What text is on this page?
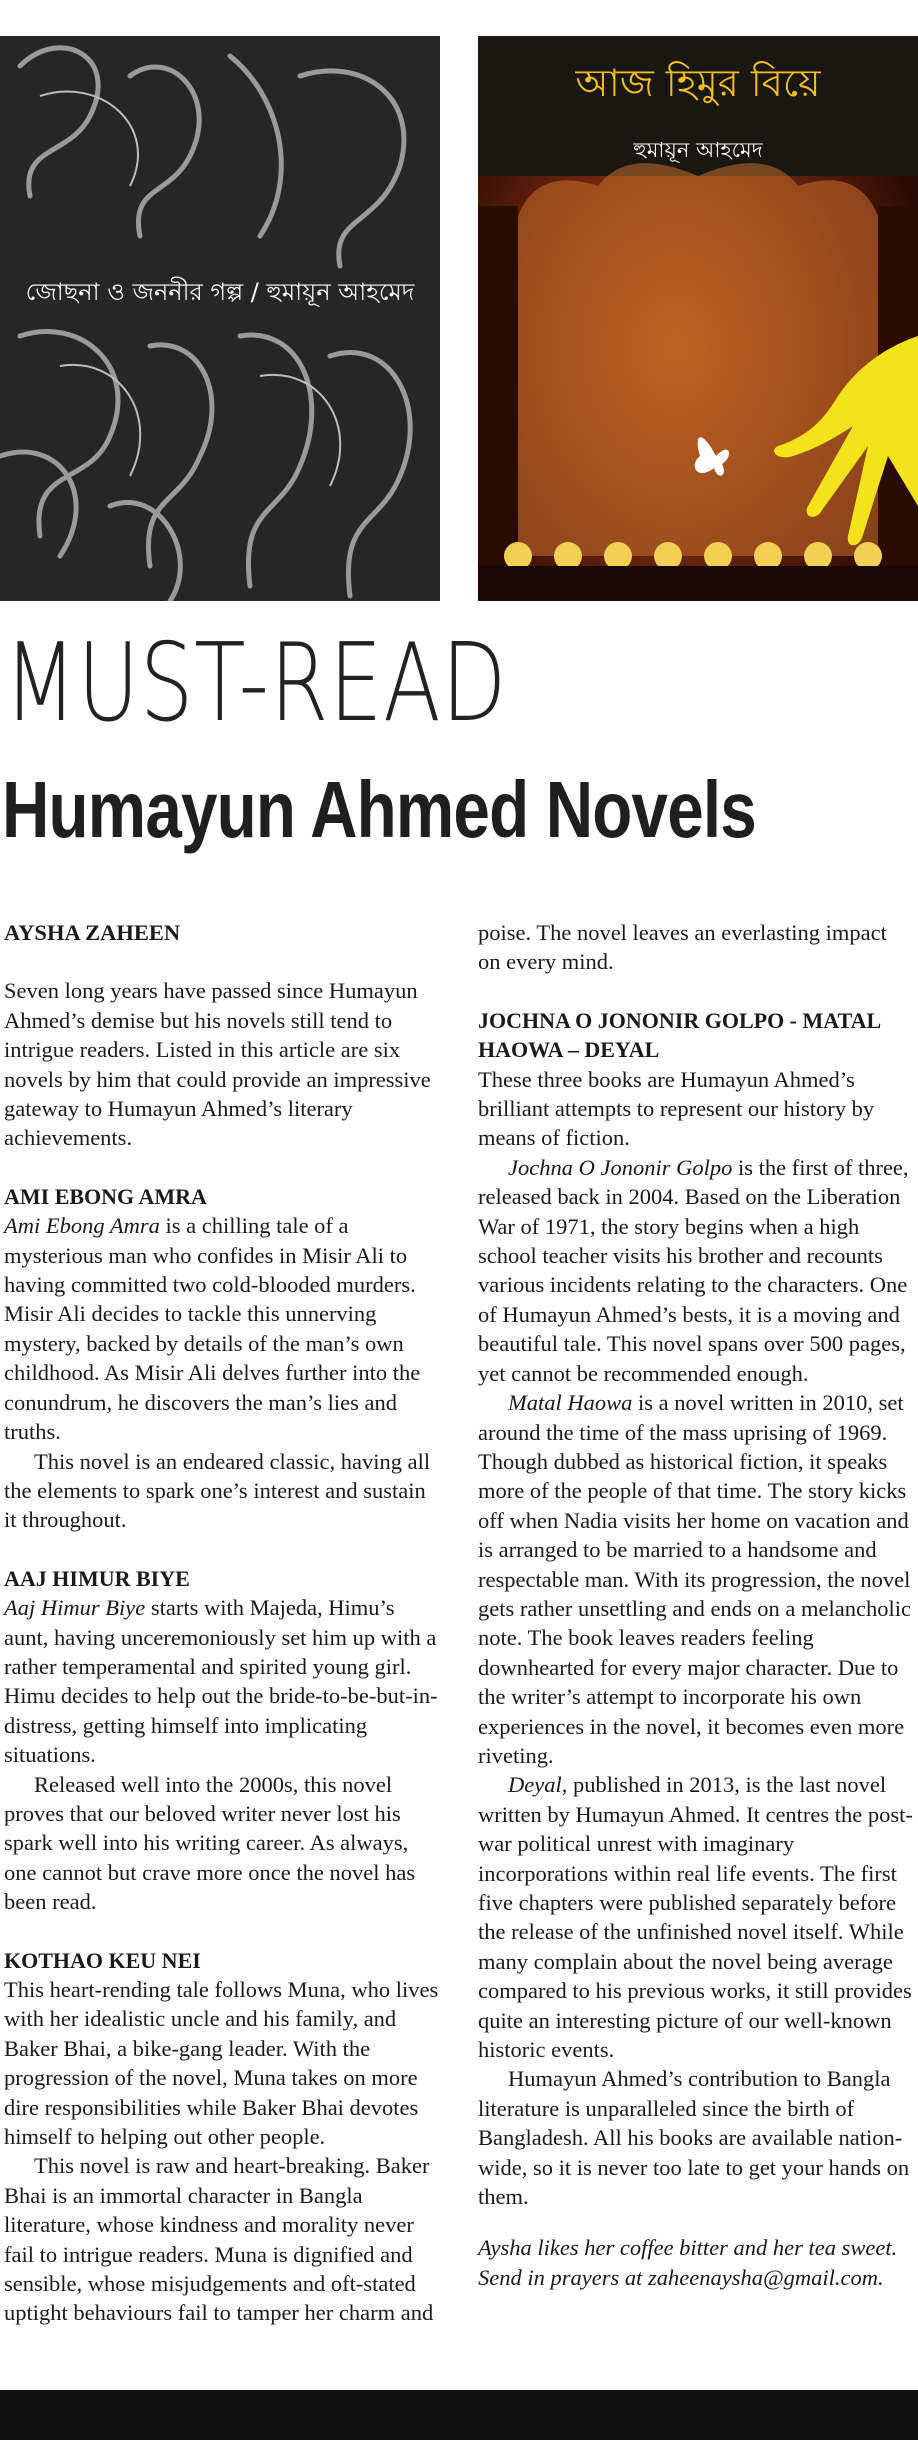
জোছনা ও জননীর গল্প / হুমায়ূন আহমেদ
আজ হিমুর বিয়ে
হুমায়ূন আহমেদ
MUST-READ
Humayun Ahmed Novels

AYSHA ZAHEEN

Seven long years have passed since Humayun Ahmed’s demise but his novels still tend to intrigue readers. Listed in this article are six novels by him that could provide an impressive gateway to Humayun Ahmed’s literary achievements.

AMI EBONG AMRA

Ami Ebong Amra is a chilling tale of a mysterious man who confides in Misir Ali to having committed two cold-blooded murders. Misir Ali decides to tackle this unnerving mystery, backed by details of the man’s own childhood. As Misir Ali delves further into the conundrum, he discovers the man’s lies and truths.

This novel is an endeared classic, having all the elements to spark one’s interest and sustain it throughout.

AAJ HIMUR BIYE

Aaj Himur Biye starts with Majeda, Himu’s aunt, having unceremoniously set him up with a rather temperamental and spirited young girl. Himu decides to help out the bride-to-be-but-in-distress, getting himself into implicating situations.

Released well into the 2000s, this novel proves that our beloved writer never lost his spark well into his writing career. As always, one cannot but crave more once the novel has been read.

KOTHAO KEU NEI

This heart-rending tale follows Muna, who lives with her idealistic uncle and his family, and Baker Bhai, a bike-gang leader. With the progression of the novel, Muna takes on more dire responsibilities while Baker Bhai devotes himself to helping out other people.

This novel is raw and heart-breaking. Baker Bhai is an immortal character in Bangla literature, whose kindness and morality never fail to intrigue readers. Muna is dignified and sensible, whose misjudgements and oft-stated uptight behaviours fail to tamper her charm and

poise. The novel leaves an everlasting impact on every mind.

JOCHNA O JONONIR GOLPO - MATAL HAOWA – DEYAL

These three books are Humayun Ahmed’s brilliant attempts to represent our history by means of fiction.

Jochna O Jononir Golpo is the first of three, released back in 2004. Based on the Liberation War of 1971, the story begins when a high school teacher visits his brother and recounts various incidents relating to the characters. One of Humayun Ahmed’s bests, it is a moving and beautiful tale. This novel spans over 500 pages, yet cannot be recommended enough.

Matal Haowa is a novel written in 2010, set around the time of the mass uprising of 1969. Though dubbed as historical fiction, it speaks more of the people of that time. The story kicks off when Nadia visits her home on vacation and is arranged to be married to a handsome and respectable man. With its progression, the novel gets rather unsettling and ends on a melancholic note. The book leaves readers feeling downhearted for every major character. Due to the writer’s attempt to incorporate his own experiences in the novel, it becomes even more riveting.

Deyal, published in 2013, is the last novel written by Humayun Ahmed. It centres the post-war political unrest with imaginary incorporations within real life events. The first five chapters were published separately before the release of the unfinished novel itself. While many complain about the novel being average compared to his previous works, it still provides quite an interesting picture of our well-known historic events.

Humayun Ahmed’s contribution to Bangla literature is unparalleled since the birth of Bangladesh. All his books are available nation-wide, so it is never too late to get your hands on them.

Aysha likes her coffee bitter and her tea sweet.
Send in prayers at zaheenaysha@gmail.com.
